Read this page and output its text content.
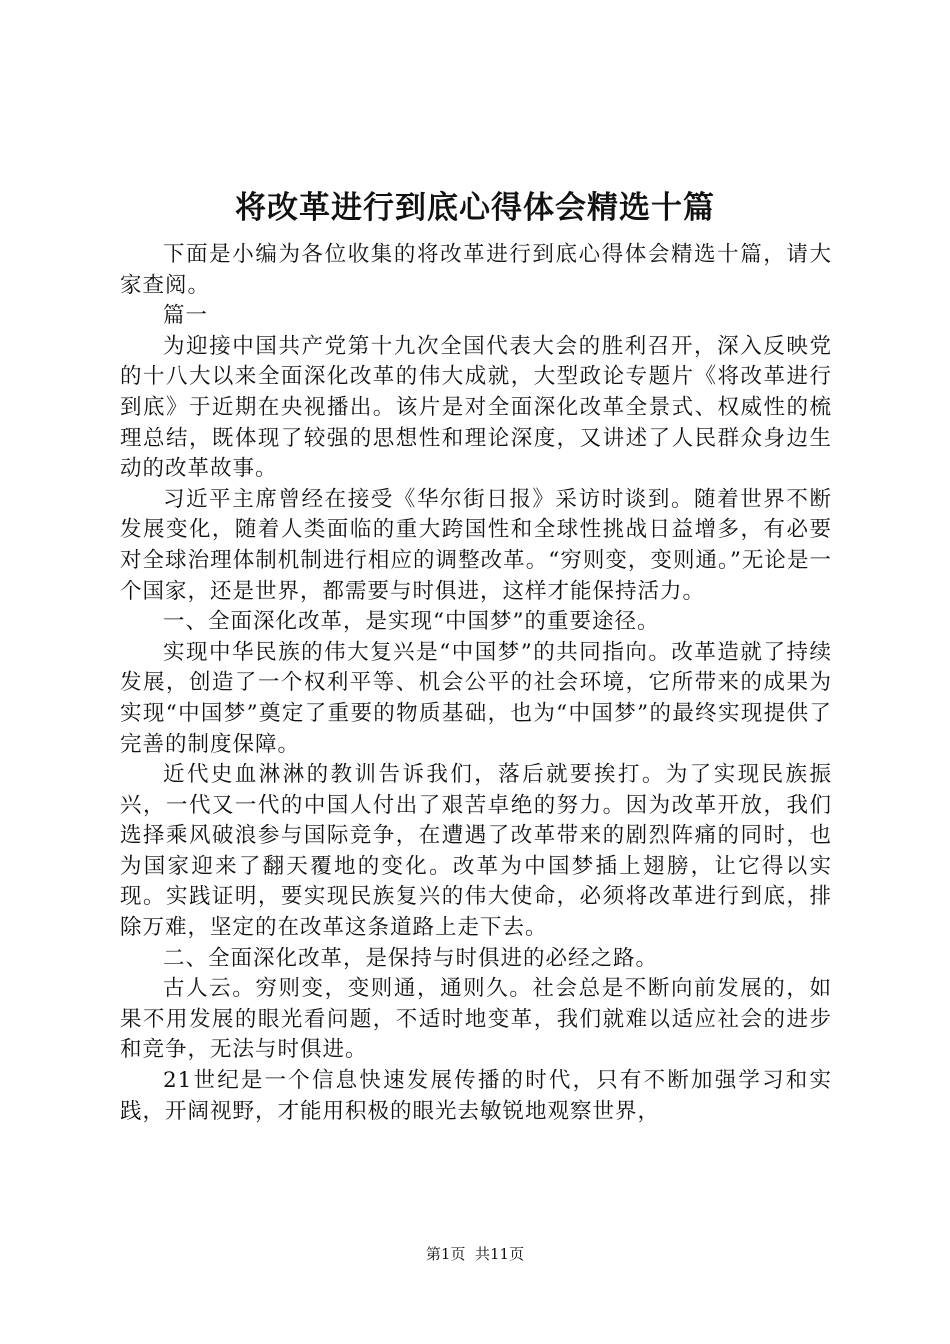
将改革进行到底心得体会精选十篇

下面是小编为各位收集的将改革进行到底心得体会精选十篇，请大家查阅。

篇一

为迎接中国共产党第十九次全国代表大会的胜利召开，深入反映党的十八大以来全面深化改革的伟大成就，大型政论专题片《将改革进行到底》于近期在央视播出。该片是对全面深化改革全景式、权威性的梳理总结，既体现了较强的思想性和理论深度，又讲述了人民群众身边生动的改革故事。

习近平主席曾经在接受《华尔街日报》采访时谈到。随着世界不断发展变化，随着人类面临的重大跨国性和全球性挑战日益增多，有必要对全球治理体制机制进行相应的调整改革。“穷则变，变则通。”无论是一个国家，还是世界，都需要与时俱进，这样才能保持活力。

一、全面深化改革，是实现“中国梦”的重要途径。

实现中华民族的伟大复兴是“中国梦”的共同指向。改革造就了持续发展，创造了一个权利平等、机会公平的社会环境，它所带来的成果为实现“中国梦”奠定了重要的物质基础，也为“中国梦”的最终实现提供了完善的制度保障。

近代史血淋淋的教训告诉我们，落后就要挨打。为了实现民族振兴，一代又一代的中国人付出了艰苦卓绝的努力。因为改革开放，我们选择乘风破浪参与国际竞争，在遭遇了改革带来的剧烈阵痛的同时，也为国家迎来了翻天覆地的变化。改革为中国梦插上翅膀，让它得以实现。实践证明，要实现民族复兴的伟大使命，必须将改革进行到底，排除万难，坚定的在改革这条道路上走下去。

二、全面深化改革，是保持与时俱进的必经之路。

古人云。穷则变，变则通，通则久。社会总是不断向前发展的，如果不用发展的眼光看问题，不适时地变革，我们就难以适应社会的进步和竞争，无法与时俱进。

21世纪是一个信息快速发展传播的时代，只有不断加强学习和实践，开阔视野，才能用积极的眼光去敏锐地观察世界，

第1页 共11页
